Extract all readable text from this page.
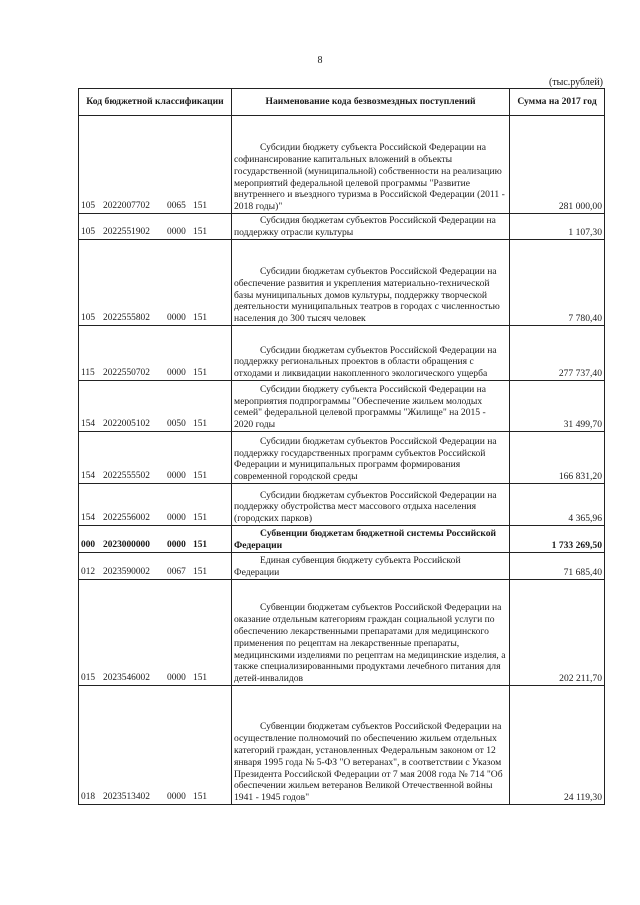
8
(тыс.рублей)
Код бюджетной классификации	Наименование кода безвозмездных поступлений	Сумма на 2017 год
105 2022007702 0065 151	Субсидии бюджету субъекта Российской Федерации на софинансирование капитальных вложений в объекты государственной (муниципальной) собственности на реализацию мероприятий федеральной целевой программы "Развитие внутреннего и въездного туризма в Российской Федерации (2011 - 2018 годы)"	281 000,00
105 2022551902 0000 151	Субсидия бюджетам субъектов Российской Федерации на поддержку отрасли культуры	1 107,30
105 2022555802 0000 151	Субсидии бюджетам субъектов Российской Федерации на обеспечение развития и укрепления материально-технической базы муниципальных домов культуры, поддержку творческой деятельности муниципальных театров в городах с численностью населения до 300 тысяч человек	7 780,40
115 2022550702 0000 151	Субсидии бюджетам субъектов Российской Федерации на поддержку региональных проектов в области обращения с отходами и ликвидации накопленного экологического ущерба	277 737,40
154 2022005102 0050 151	Субсидии бюджету субъекта Российской Федерации на мероприятия подпрограммы "Обеспечение жильем молодых семей" федеральной целевой программы "Жилище" на 2015 - 2020 годы	31 499,70
154 2022555502 0000 151	Субсидии бюджетам субъектов Российской Федерации на поддержку государственных программ субъектов Российской Федерации и муниципальных программ формирования современной городской среды	166 831,20
154 2022556002 0000 151	Субсидии бюджетам субъектов Российской Федерации на поддержку обустройства мест массового отдыха населения (городских парков)	4 365,96
000 2023000000 0000 151	Субвенции бюджетам бюджетной системы Российской Федерации	1 733 269,50
012 2023590002 0067 151	Единая субвенция бюджету субъекта Российской Федерации	71 685,40
015 2023546002 0000 151	Субвенции бюджетам субъектов Российской Федерации на оказание отдельным категориям граждан социальной услуги по обеспечению лекарственными препаратами для медицинского применения по рецептам на лекарственные препараты, медицинскими изделиями по рецептам на медицинские изделия, а также специализированными продуктами лечебного питания для детей-инвалидов	202 211,70
018 2023513402 0000 151	Субвенции бюджетам субъектов Российской Федерации на осуществление полномочий по обеспечению жильем отдельных категорий граждан, установленных Федеральным законом от 12 января 1995 года № 5-ФЗ "О ветеранах", в соответствии с Указом Президента Российской Федерации от 7 мая 2008 года № 714 "Об обеспечении жильем ветеранов Великой Отечественной войны 1941 - 1945 годов"	24 119,30
